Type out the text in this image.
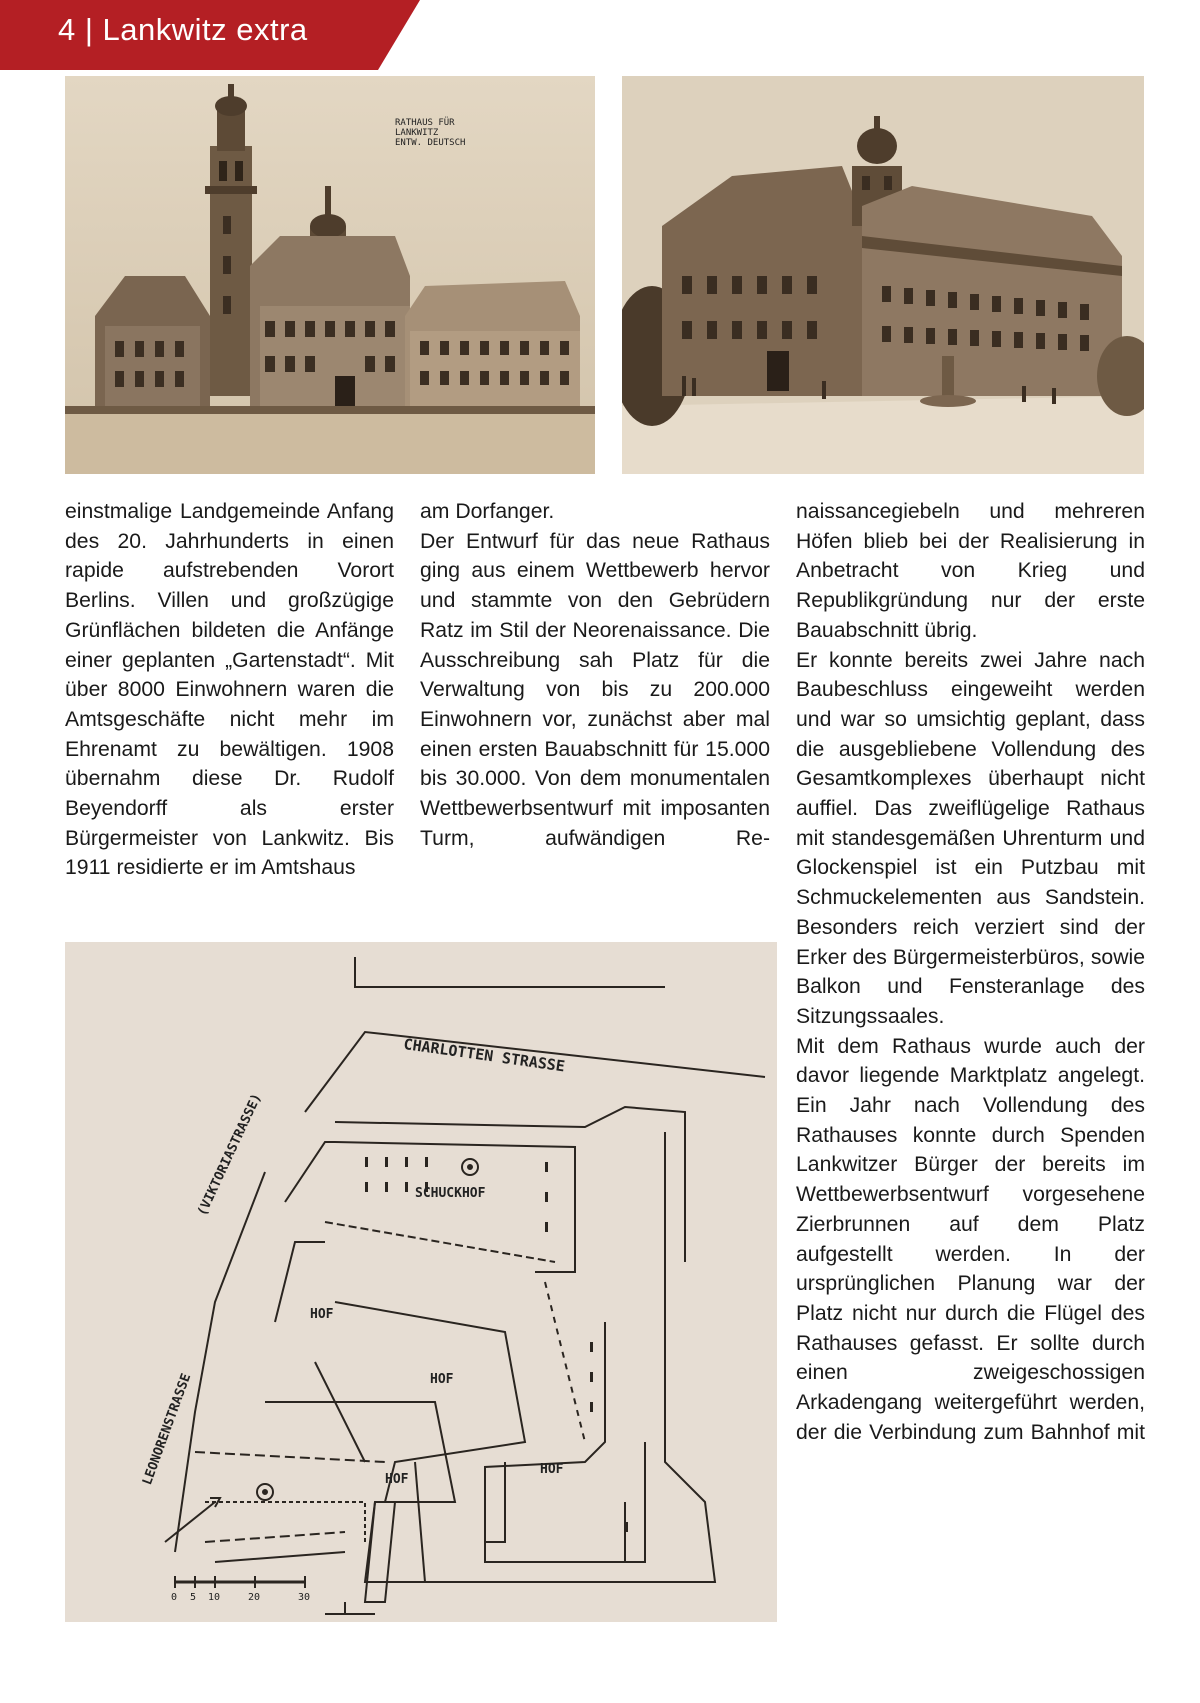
4 | Lankwitz extra
RATHAUS FÜR
LANKWITZ
ENTW. DEUTSCH

einstmalige Landgemeinde Anfang des 20. Jahrhunderts in einen rapide aufstrebenden Vorort Berlins. Villen und großzügige Grünflächen bildeten die Anfänge einer geplanten „Gartenstadt“. Mit über 8000 Einwohnern waren die Amtsgeschäfte nicht mehr im Ehrenamt zu bewältigen. 1908 übernahm diese Dr. Rudolf Beyendorff als erster Bürgermeister von Lankwitz. Bis 1911 residierte er im Amtshaus

am Dorfanger.

Der Entwurf für das neue Rathaus ging aus einem Wettbewerb hervor und stammte von den Gebrüdern Ratz im Stil der Neorenaissance. Die Ausschreibung sah Platz für die Verwaltung von bis zu 200.000 Einwohnern vor, zunächst aber mal einen ersten Bauabschnitt für 15.000 bis 30.000. Von dem monumentalen Wettbewerbsentwurf mit imposanten Turm, aufwändigen Re-

naissancegiebeln und mehreren Höfen blieb bei der Realisierung in Anbetracht von Krieg und Republikgründung nur der erste Bauabschnitt übrig.

Er konnte bereits zwei Jahre nach Baubeschluss eingeweiht werden und war so umsichtig geplant, dass die ausgebliebene Vollendung des Gesamtkomplexes überhaupt nicht auffiel. Das zweiflügelige Rathaus mit standesgemäßen Uhrenturm und Glockenspiel ist ein Putzbau mit Schmuckelementen aus Sandstein. Besonders reich verziert sind der Erker des Bürgermeisterbüros, sowie Balkon und Fensteranlage des Sitzungssaales.

Mit dem Rathaus wurde auch der davor liegende Marktplatz angelegt. Ein Jahr nach Vollendung des Rathauses konnte durch Spenden Lankwitzer Bürger der bereits im Wettbewerbsentwurf vorgesehene Zierbrunnen auf dem Platz aufgestellt werden. In der ursprünglichen Planung war der Platz nicht nur durch die Flügel des Rathauses gefasst. Er sollte durch einen zweigeschossigen Arkadengang weitergeführt werden, der die Verbindung zum Bahnhof mit

CHARLOTTEN STRASSE
(VIKTORIASTRASSE)
LEONORENSTRASSE
SCHUCKHOF
HOF
HOF
HOF
HOF
0 5 10	20	30
